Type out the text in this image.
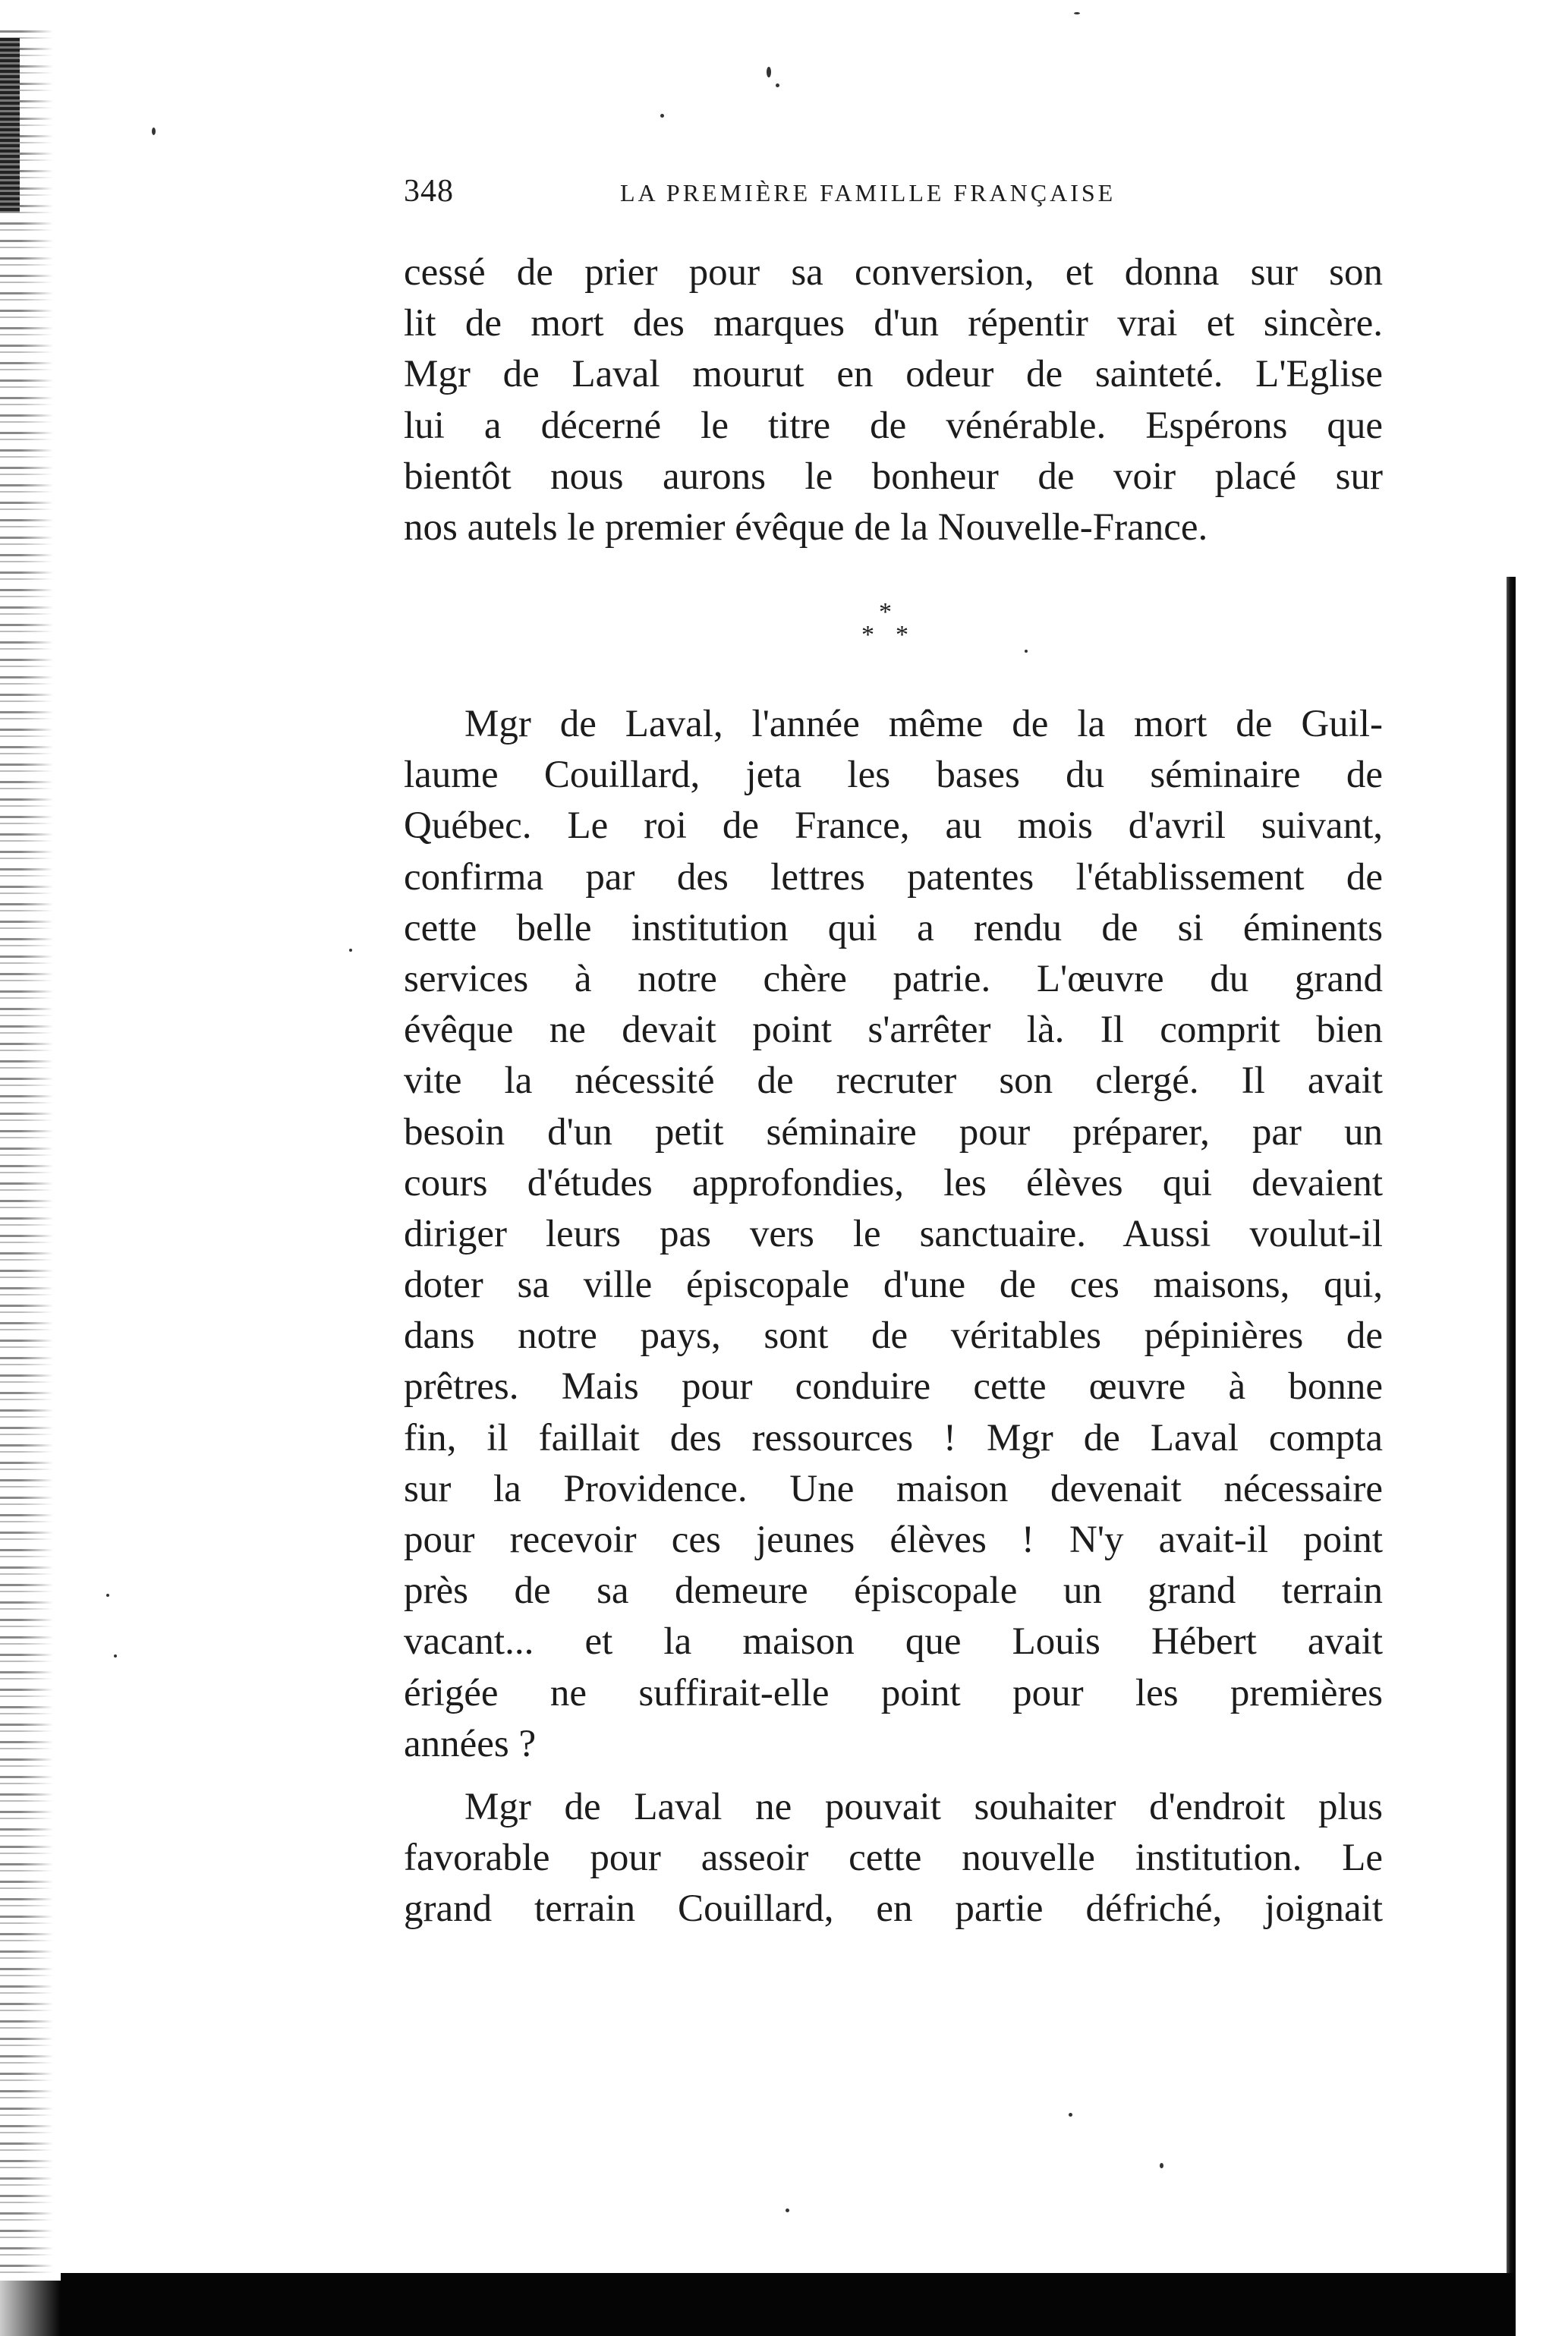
348	LA PREMIÈRE FAMILLE FRANÇAISE
cessé de prier pour sa conversion, et donna sur son
lit de mort des marques d'un répentir vrai et sincère.
Mgr de Laval mourut en odeur de sainteté. L'Eglise
lui a décerné le titre de vénérable. Espérons que
bientôt nous aurons le bonheur de voir placé sur
nos autels le premier évêque de la Nouvelle-France.
*
* *
Mgr de Laval, l'année même de la mort de Guil-
laume Couillard, jeta les bases du séminaire de
Québec. Le roi de France, au mois d'avril suivant,
confirma par des lettres patentes l'établissement de
cette belle institution qui a rendu de si éminents
services à notre chère patrie. L'œuvre du grand
évêque ne devait point s'arrêter là. Il comprit bien
vite la nécessité de recruter son clergé. Il avait
besoin d'un petit séminaire pour préparer, par un
cours d'études approfondies, les élèves qui devaient
diriger leurs pas vers le sanctuaire. Aussi voulut-il
doter sa ville épiscopale d'une de ces maisons, qui,
dans notre pays, sont de véritables pépinières de
prêtres. Mais pour conduire cette œuvre à bonne
fin, il faillait des ressources ! Mgr de Laval compta
sur la Providence. Une maison devenait nécessaire
pour recevoir ces jeunes élèves ! N'y avait-il point
près de sa demeure épiscopale un grand terrain
vacant... et la maison que Louis Hébert avait
érigée ne suffirait-elle point pour les premières
années ?
Mgr de Laval ne pouvait souhaiter d'endroit plus
favorable pour asseoir cette nouvelle institution. Le
grand terrain Couillard, en partie défriché, joignait
